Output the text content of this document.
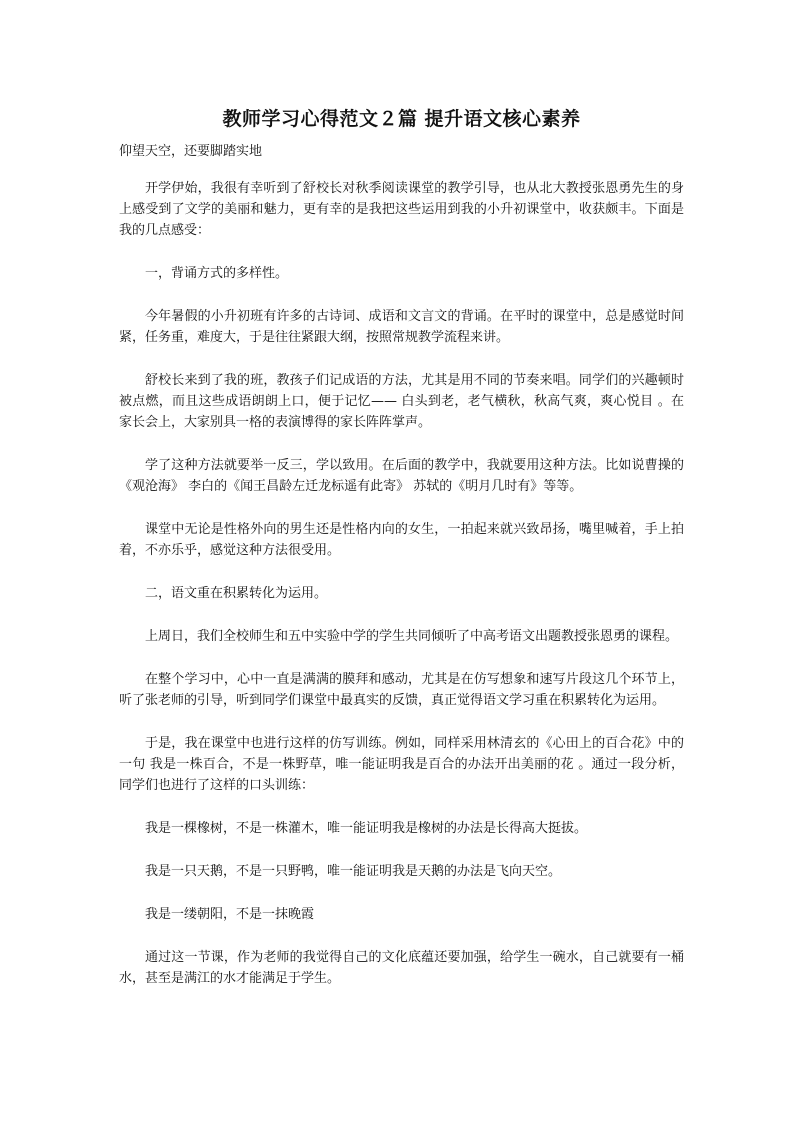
教师学习心得范文２篇 提升语文核心素养

仰望天空，还要脚踏实地

开学伊始，我很有幸听到了舒校长对秋季阅读课堂的教学引导，也从北大教授张恩勇先生的身上感受到了文学的美丽和魅力，更有幸的是我把这些运用到我的小升初课堂中，收获颇丰。下面是我的几点感受：

一，背诵方式的多样性。

今年暑假的小升初班有许多的古诗词、成语和文言文的背诵。在平时的课堂中，总是感觉时间紧，任务重，难度大，于是往往紧跟大纲，按照常规教学流程来讲。

舒校长来到了我的班，教孩子们记成语的方法，尤其是用不同的节奏来唱。同学们的兴趣顿时被点燃，而且这些成语朗朗上口，便于记忆—— 白头到老，老气横秋，秋高气爽，爽心悦目 。在家长会上，大家别具一格的表演博得的家长阵阵掌声。

学了这种方法就要举一反三，学以致用。在后面的教学中，我就要用这种方法。比如说曹操的《观沧海》 李白的《闻王昌龄左迁龙标遥有此寄》 苏轼的《明月几时有》等等。

课堂中无论是性格外向的男生还是性格内向的女生，一拍起来就兴致昂扬，嘴里喊着，手上拍着，不亦乐乎，感觉这种方法很受用。

二，语文重在积累转化为运用。

上周日，我们全校师生和五中实验中学的学生共同倾听了中高考语文出题教授张恩勇的课程。

在整个学习中，心中一直是满满的膜拜和感动，尤其是在仿写想象和速写片段这几个环节上，听了张老师的引导，听到同学们课堂中最真实的反馈，真正觉得语文学习重在积累转化为运用。

于是，我在课堂中也进行这样的仿写训练。例如，同样采用林清玄的《心田上的百合花》中的一句 我是一株百合，不是一株野草，唯一能证明我是百合的办法开出美丽的花 。通过一段分析，同学们也进行了这样的口头训练：

我是一棵橡树，不是一株灌木，唯一能证明我是橡树的办法是长得高大挺拔。

我是一只天鹅，不是一只野鸭，唯一能证明我是天鹅的办法是飞向天空。

我是一缕朝阳，不是一抹晚霞

通过这一节课，作为老师的我觉得自己的文化底蕴还要加强，给学生一碗水，自己就要有一桶水，甚至是满江的水才能满足于学生。
